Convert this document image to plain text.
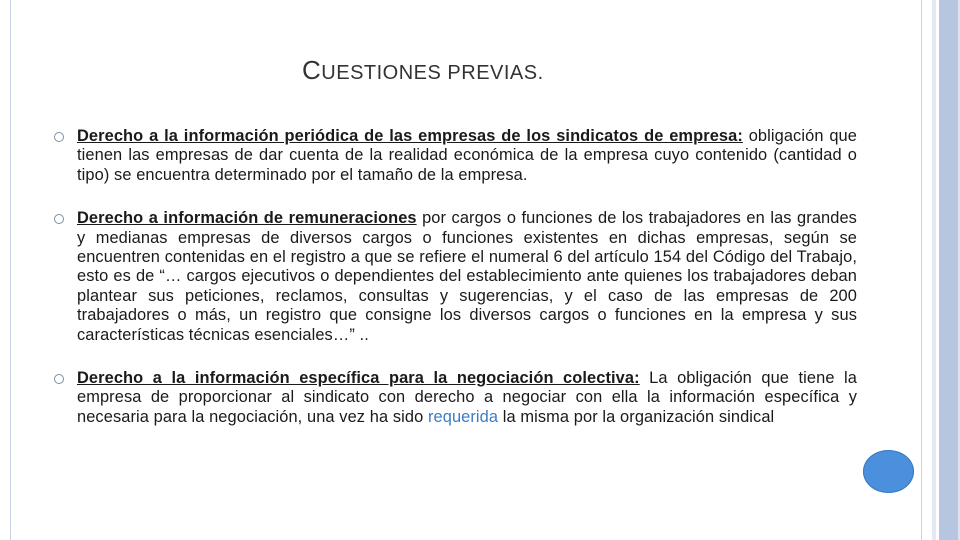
CUESTIONES PREVIAS.
Derecho a la información periódica de las empresas de los sindicatos de empresa: obligación que tienen las empresas de dar cuenta de la realidad económica de la empresa cuyo contenido (cantidad o tipo) se encuentra determinado por el tamaño de la empresa.
Derecho a información de remuneraciones por cargos o funciones de los trabajadores en las grandes y medianas empresas de diversos cargos o funciones existentes en dichas empresas, según se encuentren contenidas en el registro a que se refiere el numeral 6 del artículo 154 del Código del Trabajo, esto es de “… cargos ejecutivos o dependientes del establecimiento ante quienes los trabajadores deban plantear sus peticiones, reclamos, consultas y sugerencias, y el caso de las empresas de 200 trabajadores o más, un registro que consigne los diversos cargos o funciones en la empresa y sus características técnicas esenciales…” ..
Derecho a la información específica para la negociación colectiva: La obligación que tiene la empresa de proporcionar al sindicato con derecho a negociar con ella la información específica y necesaria para la negociación, una vez ha sido requerida la misma por la organización sindical
